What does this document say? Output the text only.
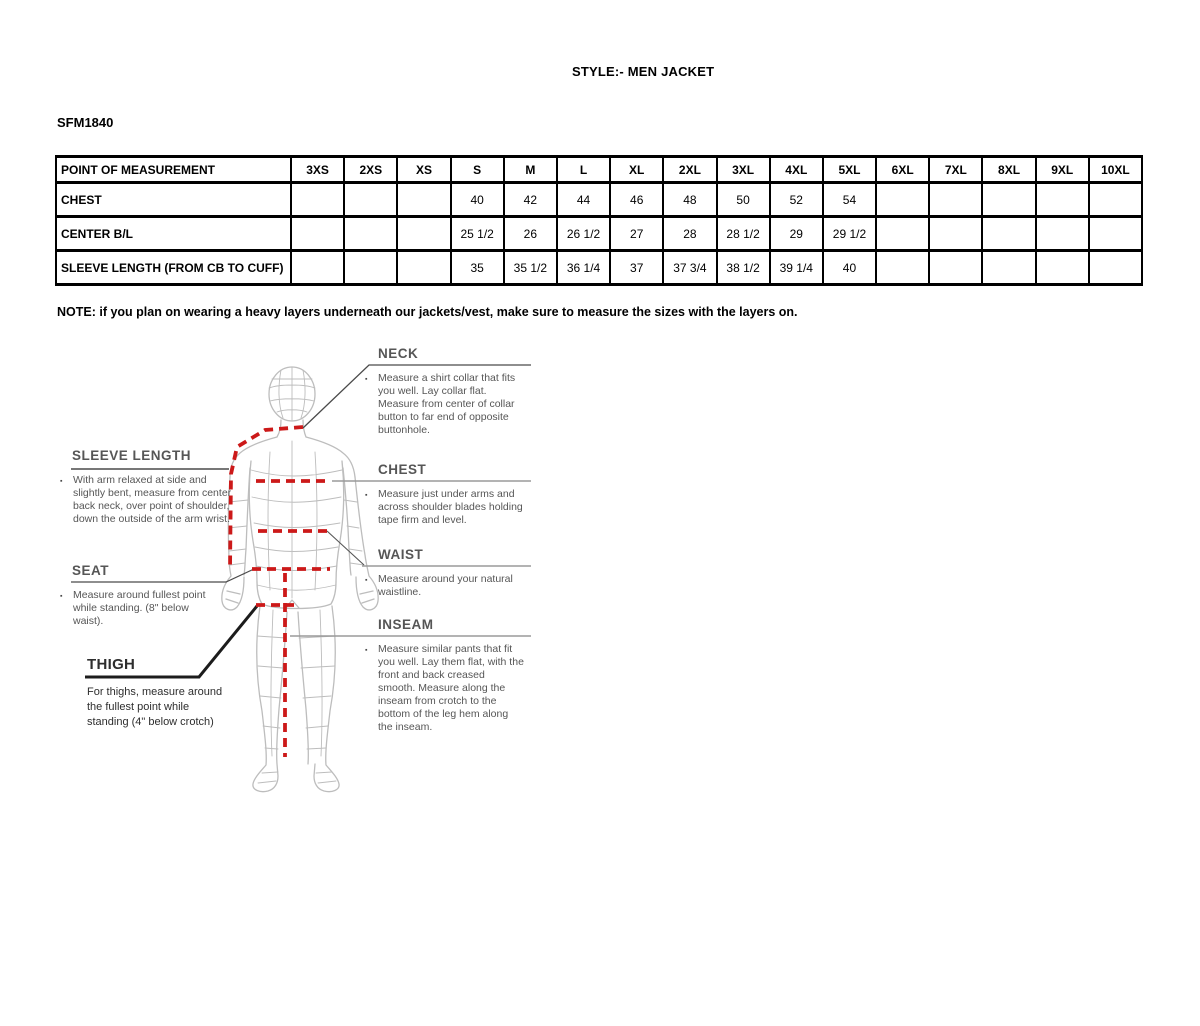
STYLE:- MEN JACKET
SFM1840
POINT OF MEASUREMENT	3XS	2XS	XS	S	M	L	XL	2XL	3XL	4XL	5XL	6XL	7XL	8XL	9XL	10XL
CHEST				40	42	44	46	48	50	52	54					
CENTER B/L				25 1/2	26	26 1/2	27	28	28 1/2	29	29 1/2					
SLEEVE LENGTH (FROM CB TO CUFF)				35	35 1/2	36 1/4	37	37 3/4	38 1/2	39 1/4	40					
NOTE: if you plan on wearing a heavy layers underneath our jackets/vest, make sure to measure the sizes with the layers on.
NECK
▪	Measure a shirt collar that fits you well. Lay collar flat. Measure from center of collar button to far end of opposite buttonhole.
CHEST
▪	Measure just under arms and across shoulder blades holding tape firm and level.
WAIST
▪	Measure around your natural waistline.
INSEAM
▪	Measure similar pants that fit you well. Lay them flat, with the front and back creased smooth. Measure along the inseam from crotch to the bottom of the leg hem along the inseam.
SLEEVE LENGTH
▪	With arm relaxed at side and slightly bent, measure from center back neck, over point of shoulder, down the outside of the arm wrist.
SEAT
▪	Measure around fullest point while standing. (8" below waist).
THIGH
For thighs, measure around the fullest point while standing (4" below crotch)
